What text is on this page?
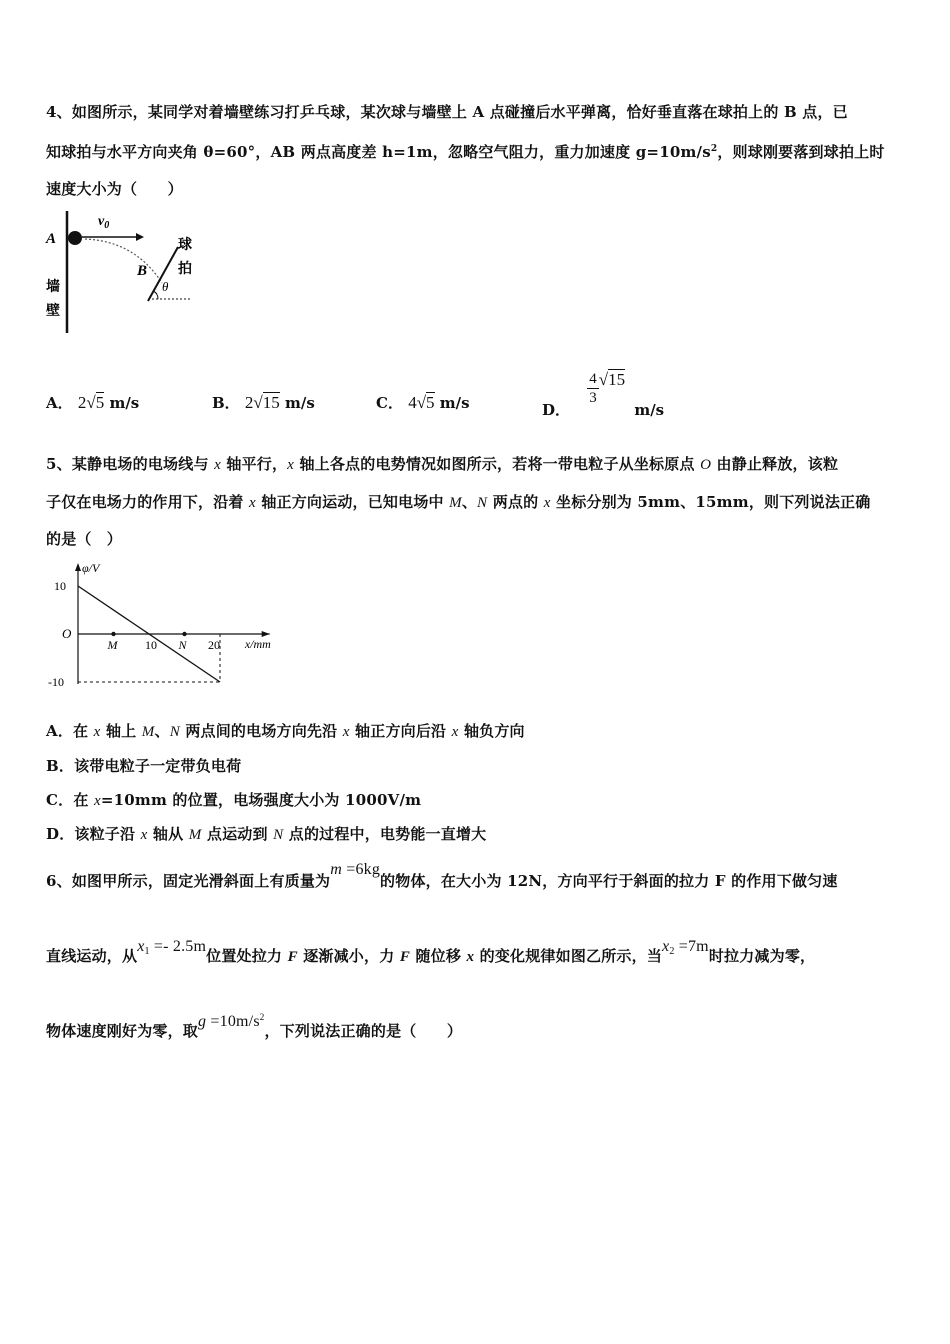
4、如图所示，某同学对着墙壁练习打乒乓球，某次球与墙壁上 A 点碰撞后水平弹离，恰好垂直落在球拍上的 B 点，已
知球拍与水平方向夹角 θ=60°，AB 两点高度差 h=1m，忽略空气阻力，重力加速度 $g=10m/s^2$，则球刚要落到球拍上时
速度大小为（　　）
A
$v_0$
B
θ
墙
壁
球
拍
A． 2√5 m/s	B． 2√15 m/s	C． 4√5 m/s	D．
$\frac{4}{3} √15$ m/s
5、某静电场的电场线与 x 轴平行，x 轴上各点的电势情况如图所示，若将一带电粒子从坐标原点 O 由静止释放，该粒
子仅在电场力的作用下，沿着 x 轴正方向运动，已知电场中 M、N 两点的 x 坐标分别为 5mm、15mm，则下列说法正确
的是（　）
φ/V
x/mm
O
10
-10
10	20
M	N
A．在 x 轴上 M、N 两点间的电场方向先沿 x 轴正方向后沿 x 轴负方向
B．该带电粒子一定带负电荷
C．在 x=10mm 的位置，电场强度大小为 1000V/m
D．该粒子沿 x 轴从 M 点运动到 N 点的过程中，电势能一直增大
6、如图甲所示，固定光滑斜面上有质量为m =6kg的物体，在大小为 12N，方向平行于斜面的拉力 F 的作用下做匀速
直线运动，从$x_1 =- 2.5m$位置处拉力 F 逐渐减小，力 F 随位移 x 的变化规律如图乙所示，当$x_2 =7m$时拉力减为零，
物体速度刚好为零，取$g =10m/s^2$，下列说法正确的是（　　）
